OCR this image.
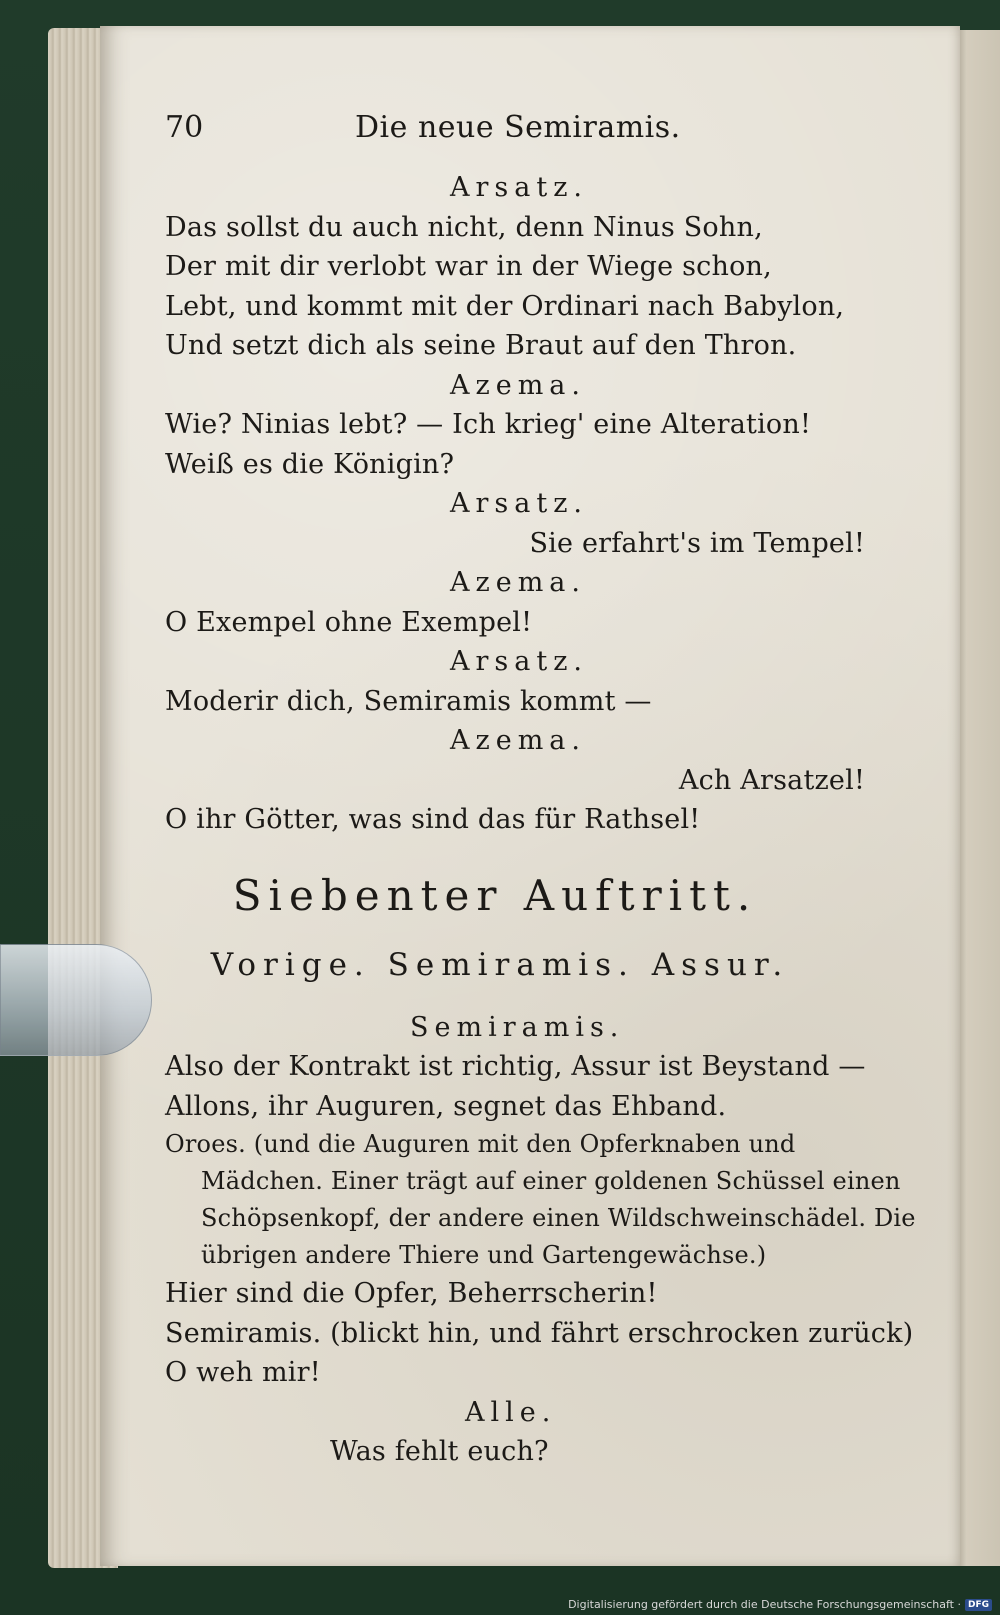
70	Die neue Semiramis.
Arsatz.
Das sollst du auch nicht, denn Ninus Sohn,
Der mit dir verlobt war in der Wiege schon,
Lebt, und kommt mit der Ordinari nach Babylon,
Und setzt dich als seine Braut auf den Thron.
Azema.
Wie? Ninias lebt? — Ich krieg' eine Alteration!
Weiß es die Königin?
Arsatz.
Sie erfahrt's im Tempel!
Azema.
O Exempel ohne Exempel!
Arsatz.
Moderir dich, Semiramis kommt —
Azema.
Ach Arsatzel!
O ihr Götter, was sind das für Rathsel!
Siebenter Auftritt.
Vorige. Semiramis. Assur.
Semiramis.
Also der Kontrakt ist richtig, Assur ist Beystand —
Allons, ihr Auguren, segnet das Ehband.
Oroes. (und die Auguren mit den Opferknaben und
Mädchen. Einer trägt auf einer goldenen Schüssel einen
Schöpsenkopf, der andere einen Wildschweinschädel. Die
übrigen andere Thiere und Gartengewächse.)
Hier sind die Opfer, Beherrscherin!
Semiramis. (blickt hin, und fährt erschrocken zurück)
O weh mir!
Alle.
Was fehlt euch?
Digitalisierung gefördert durch die Deutsche Forschungsgemeinschaft · DFG
